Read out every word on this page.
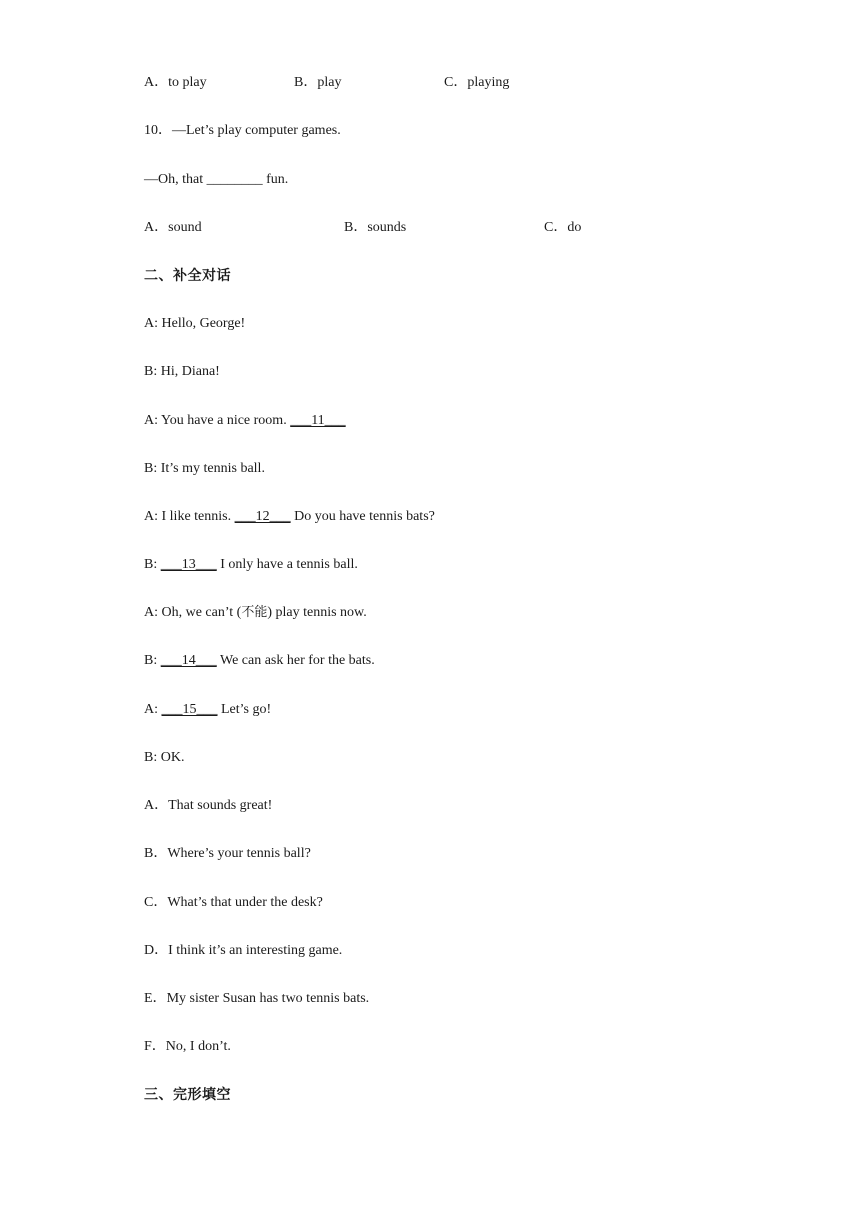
A．to play	B．play	C．playing
10．—Let’s play computer games.
—Oh, that ________ fun.
A．sound	B．sounds	C．do
二、补全对话
A: Hello, George!
B: Hi, Diana!
A: You have a nice room. ___11___
B: It’s my tennis ball.
A: I like tennis. ___12___ Do you have tennis bats?
B: ___13___ I only have a tennis ball.
A: Oh, we can’t (不能) play tennis now.
B: ___14___ We can ask her for the bats.
A: ___15___ Let’s go!
B: OK.
A．That sounds great!
B．Where’s your tennis ball?
C．What’s that under the desk?
D．I think it’s an interesting game.
E．My sister Susan has two tennis bats.
F．No, I don’t.
三、完形填空
